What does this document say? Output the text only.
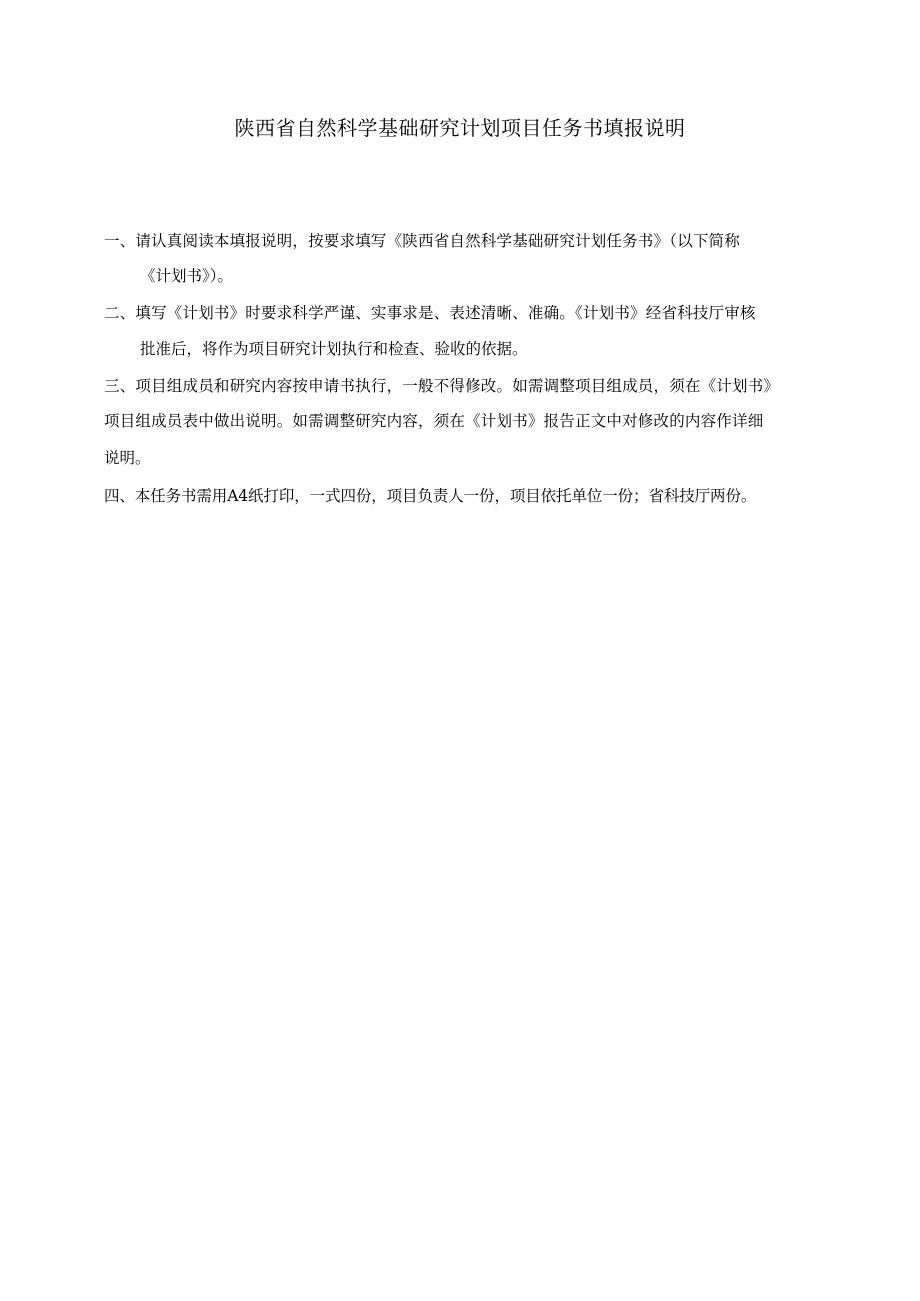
陕西省自然科学基础研究计划项目任务书填报说明
一、请认真阅读本填报说明，按要求填写《陕西省自然科学基础研究计划任务书》（以下简称
《计划书》）。
二、填写《计划书》时要求科学严谨、实事求是、表述清晰、准确。《计划书》经省科技厅审核
批准后，将作为项目研究计划执行和检查、验收的依据。
三、项目组成员和研究内容按申请书执行，一般不得修改。如需调整项目组成员，须在《计划书》
项目组成员表中做出说明。如需调整研究内容，须在《计划书》报告正文中对修改的内容作详细
说明。
四、本任务书需用A4纸打印，一式四份，项目负责人一份，项目依托单位一份；省科技厅两份。
